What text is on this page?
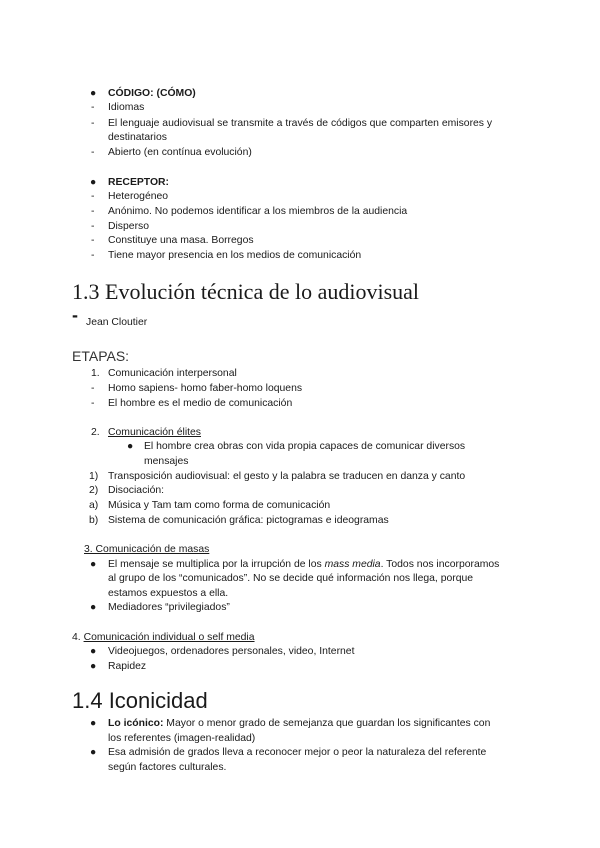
● CÓDIGO: (CÓMO)
- Idiomas
- El lenguaje audiovisual se transmite a través de códigos que comparten emisores y
destinatarios
- Abierto (en contínua evolución)
● RECEPTOR:
- Heterogéneo
- Anónimo. No podemos identificar a los miembros de la audiencia
- Disperso
- Constituye una masa. Borregos
- Tiene mayor presencia en los medios de comunicación
1.3 Evolución técnica de lo audiovisual
- Jean Cloutier
ETAPAS:
1. Comunicación interpersonal
- Homo sapiens- homo faber-homo loquens
- El hombre es el medio de comunicación
2. Comunicación élites
● El hombre crea obras con vida propia capaces de comunicar diversos
mensajes
1) Transposición audiovisual: el gesto y la palabra se traducen en danza y canto
2) Disociación:
a) Música y Tam tam como forma de comunicación
b) Sistema de comunicación gráfica: pictogramas e ideogramas
3. Comunicación de masas
● El mensaje se multiplica por la irrupción de los mass media. Todos nos incorporamos
al grupo de los “comunicados”. No se decide qué información nos llega, porque
estamos expuestos a ella.
● Mediadores “privilegiados”
4. Comunicación individual o self media
● Videojuegos, ordenadores personales, video, Internet
● Rapidez
1.4 Iconicidad
● Lo icónico: Mayor o menor grado de semejanza que guardan los significantes con
los referentes (imagen-realidad)
● Esa admisión de grados lleva a reconocer mejor o peor la naturaleza del referente
según factores culturales.
